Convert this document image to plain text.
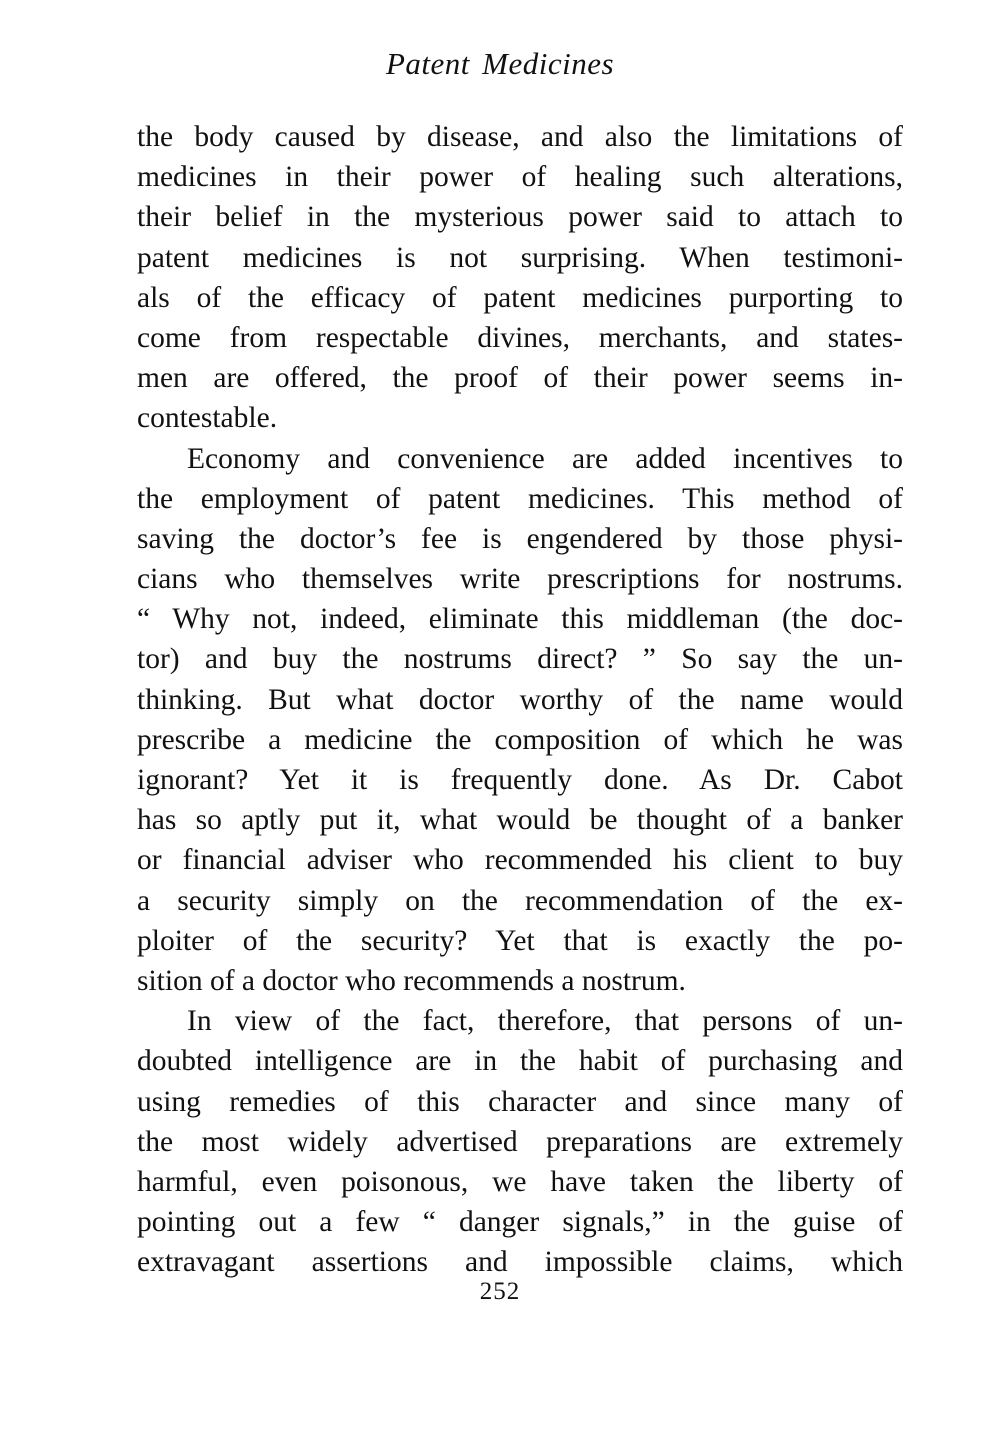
Patent Medicines
the body caused by disease, and also the limitations of
medicines in their power of healing such alterations,
their belief in the mysterious power said to attach to
patent medicines is not surprising. When testimoni-
als of the efficacy of patent medicines purporting to
come from respectable divines, merchants, and states-
men are offered, the proof of their power seems in-
contestable.
Economy and convenience are added incentives to
the employment of patent medicines. This method of
saving the doctor’s fee is engendered by those physi-
cians who themselves write prescriptions for nostrums.
“ Why not, indeed, eliminate this middleman (the doc-
tor) and buy the nostrums direct? ” So say the un-
thinking. But what doctor worthy of the name would
prescribe a medicine the composition of which he was
ignorant? Yet it is frequently done. As Dr. Cabot
has so aptly put it, what would be thought of a banker
or financial adviser who recommended his client to buy
a security simply on the recommendation of the ex-
ploiter of the security? Yet that is exactly the po-
sition of a doctor who recommends a nostrum.
In view of the fact, therefore, that persons of un-
doubted intelligence are in the habit of purchasing and
using remedies of this character and since many of
the most widely advertised preparations are extremely
harmful, even poisonous, we have taken the liberty of
pointing out a few “ danger signals,” in the guise of
extravagant assertions and impossible claims, which
252
